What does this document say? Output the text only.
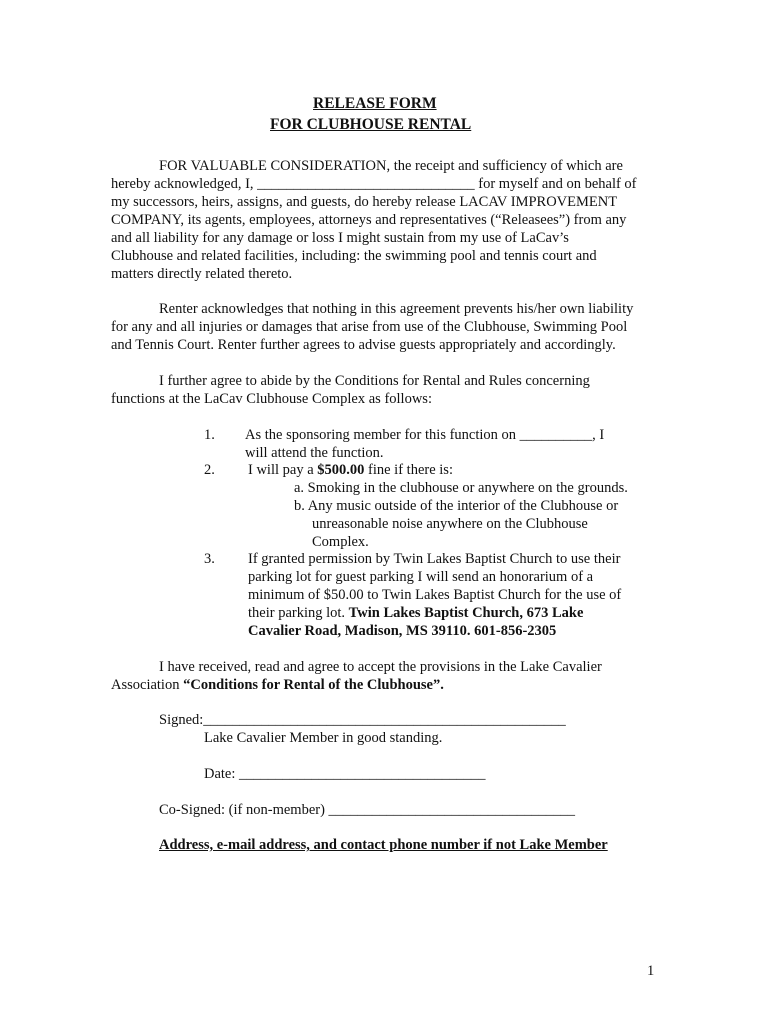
RELEASE FORM
FOR CLUBHOUSE RENTAL
FOR VALUABLE CONSIDERATION, the receipt and sufficiency of which are
hereby acknowledged, I, ______________________________ for myself and on behalf of
my successors, heirs, assigns, and guests, do hereby release LACAV IMPROVEMENT
COMPANY, its agents, employees, attorneys and representatives (“Releasees”) from any
and all liability for any damage or loss I might sustain from my use of LaCav’s
Clubhouse and related facilities, including: the swimming pool and tennis court and
matters directly related thereto.
Renter acknowledges that nothing in this agreement prevents his/her own liability
for any and all injuries or damages that arise from use of the Clubhouse, Swimming Pool
and Tennis Court. Renter further agrees to advise guests appropriately and accordingly.
I further agree to abide by the Conditions for Rental and Rules concerning
functions at the LaCav Clubhouse Complex as follows:
1. As the sponsoring member for this function on __________, I
will attend the function.
2. I will pay a $500.00 fine if there is:
a. Smoking in the clubhouse or anywhere on the grounds.
b. Any music outside of the interior of the Clubhouse or
unreasonable noise anywhere on the Clubhouse
Complex.
3. If granted permission by Twin Lakes Baptist Church to use their
parking lot for guest parking I will send an honorarium of a
minimum of $50.00 to Twin Lakes Baptist Church for the use of
their parking lot. Twin Lakes Baptist Church, 673 Lake
Cavalier Road, Madison, MS 39110. 601-856-2305
I have received, read and agree to accept the provisions in the Lake Cavalier
Association “Conditions for Rental of the Clubhouse”.
Signed:__________________________________________________
Lake Cavalier Member in good standing.
Date: __________________________________
Co-Signed: (if non-member) __________________________________
Address, e-mail address, and contact phone number if not Lake Member
1
